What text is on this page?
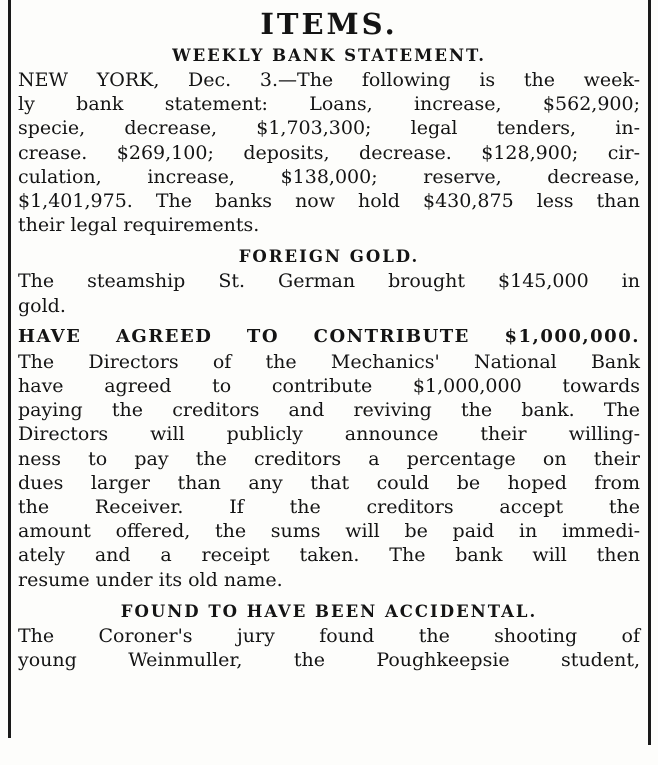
ITEMS.
WEEKLY BANK STATEMENT.

NEW YORK, Dec. 3.—The following is the week-
ly bank statement: Loans, increase, $562,900;
specie, decrease, $1,703,300; legal tenders, in-
crease. $269,100; deposits, decrease. $128,900; cir-
culation, increase, $138,000; reserve, decrease,
$1,401,975. The banks now hold $430,875 less than
their legal requirements.

FOREIGN GOLD.

The steamship St. German brought $145,000 in
gold.

HAVE AGREED TO CONTRIBUTE $1,000,000.

The Directors of the Mechanics' National Bank
have agreed to contribute $1,000,000 towards
paying the creditors and reviving the bank. The
Directors will publicly announce their willing-
ness to pay the creditors a percentage on their
dues larger than any that could be hoped from
the Receiver. If the creditors accept the
amount offered, the sums will be paid in immedi-
ately and a receipt taken. The bank will then
resume under its old name.

FOUND TO HAVE BEEN ACCIDENTAL.

The Coroner's jury found the shooting of
young Weinmuller, the Poughkeepsie student,
